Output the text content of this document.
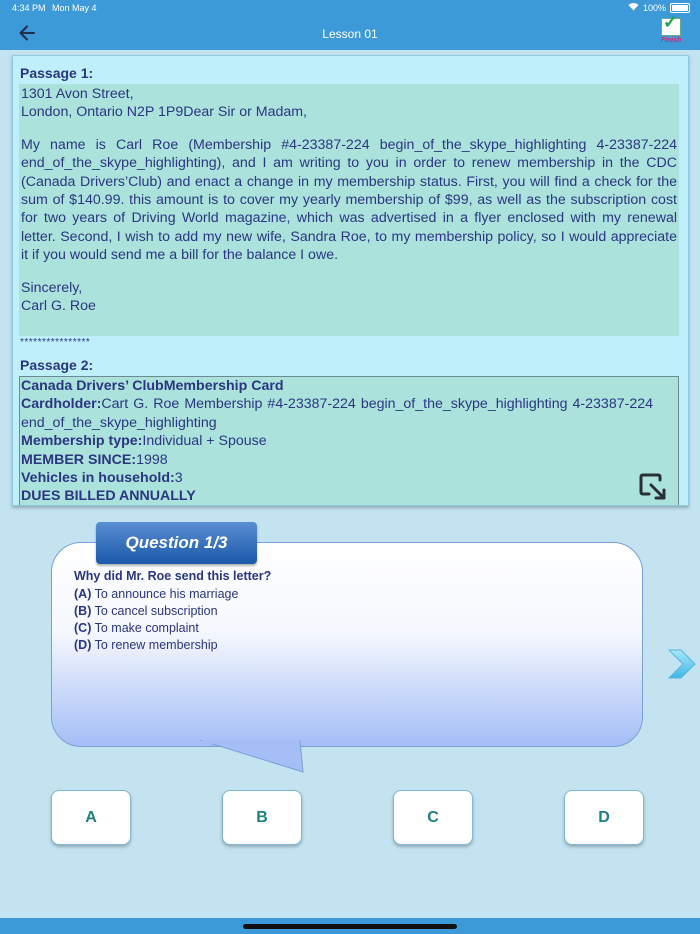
4:34 PM Mon May 4	100%
Lesson 01
✓
Finish
Passage 1:

1301 Avon Street,

London, Ontario N2P 1P9Dear Sir or Madam,

My name is Carl Roe (Membership #4-23387-224 begin_of_the_skype_highlighting 4-23387-224 end_of_the_skype_highlighting), and I am writing to you in order to renew membership in the CDC (Canada Drivers’Club) and enact a change in my membership status. First, you will find a check for the sum of $140.99. this amount is to cover my yearly membership of $99, as well as the subscription cost for two years of Driving World magazine, which was advertised in a flyer enclosed with my renewal letter. Second, I wish to add my new wife, Sandra Roe, to my membership policy, so I would appreciate it if you would send me a bill for the balance I owe.

Sincerely,

Carl G. Roe

****************
Passage 2:

Canada Drivers’ ClubMembership Card

Cardholder:Cart G. Roe Membership #4-23387-224 begin_of_the_skype_highlighting 4-23387-224 end_of_the_skype_highlighting

Membership type:Individual + Spouse

MEMBER SINCE:1998

Vehicles in household:3

DUES BILLED ANNUALLY

Question 1/3
Why did Mr. Roe send this letter?
(A) To announce his marriage
(B) To cancel subscription
(C) To make complaint
(D) To renew membership
A	B	C	D
